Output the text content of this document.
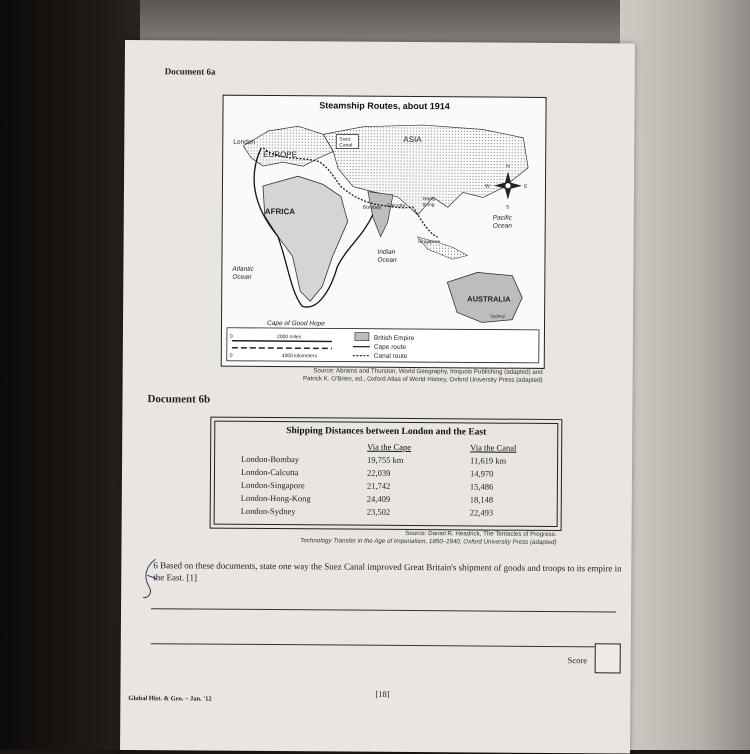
Document 6a
London	Suez
Canal
ASIA
EUROPE
AFRICA	Bombay Calcutta
Hong
Kong
Singapore
Pacific
Ocean
Indian
Ocean
Atlantic
Ocean
AUSTRALIA
Sydney
Cape of Good Hope
N
S
E
W
0	2000 miles
0	4000 kilometers
British Empire
Cape route
Canal route
Steamship Routes, about 1914
Source: Abrams and Thurston, World Geography, Iroquois Publishing (adapted) and
Patrick K. O'Brien, ed., Oxford Atlas of World History, Oxford University Press (adapted)
Document 6b
Shipping Distances between London and the East
Via the Cape	Via the Canal
London-Bombay	19,755 km	11,619 km
London-Calcutta	22,039	14,970
London-Singapore	21,742	15,486
London-Hong-Kong	24,409	18,148
London-Sydney	23,502	22,493
Source: Daniel R. Headrick, The Tentacles of Progress:
Technology Transfer in the Age of Imperialism, 1850–1940, Oxford University Press (adapted)
6 Based on these documents, state one way the Suez Canal improved Great Britain's shipment of goods and troops to its empire in the East. [1]
Score
Global Hist. & Geo. – Jan. '12	[18]
